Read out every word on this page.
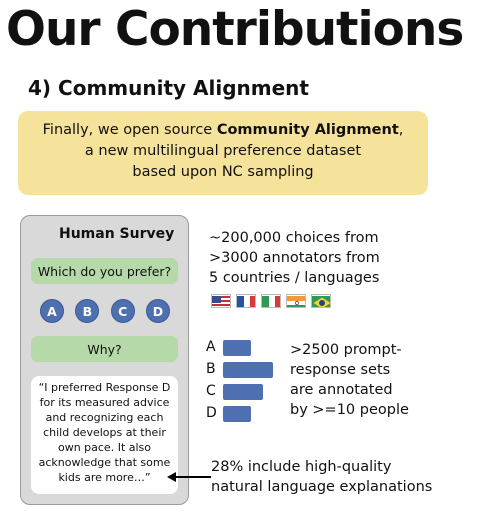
Our Contributions
4) Community Alignment
Finally, we open source Community Alignment,
a new multilingual preference dataset
based upon NC sampling
Human Survey
Which do you prefer?
A	B	C	D
Why?
“I preferred Response D
for its measured advice
and recognizing each
child develops at their
own pace. It also
acknowledge that some
kids are more…”
~200,000 choices from
>3000 annotators from
5 countries / languages
A
B
C
D
>2500 prompt-
response sets
are annotated
by >=10 people
28% include high-quality
natural language explanations
